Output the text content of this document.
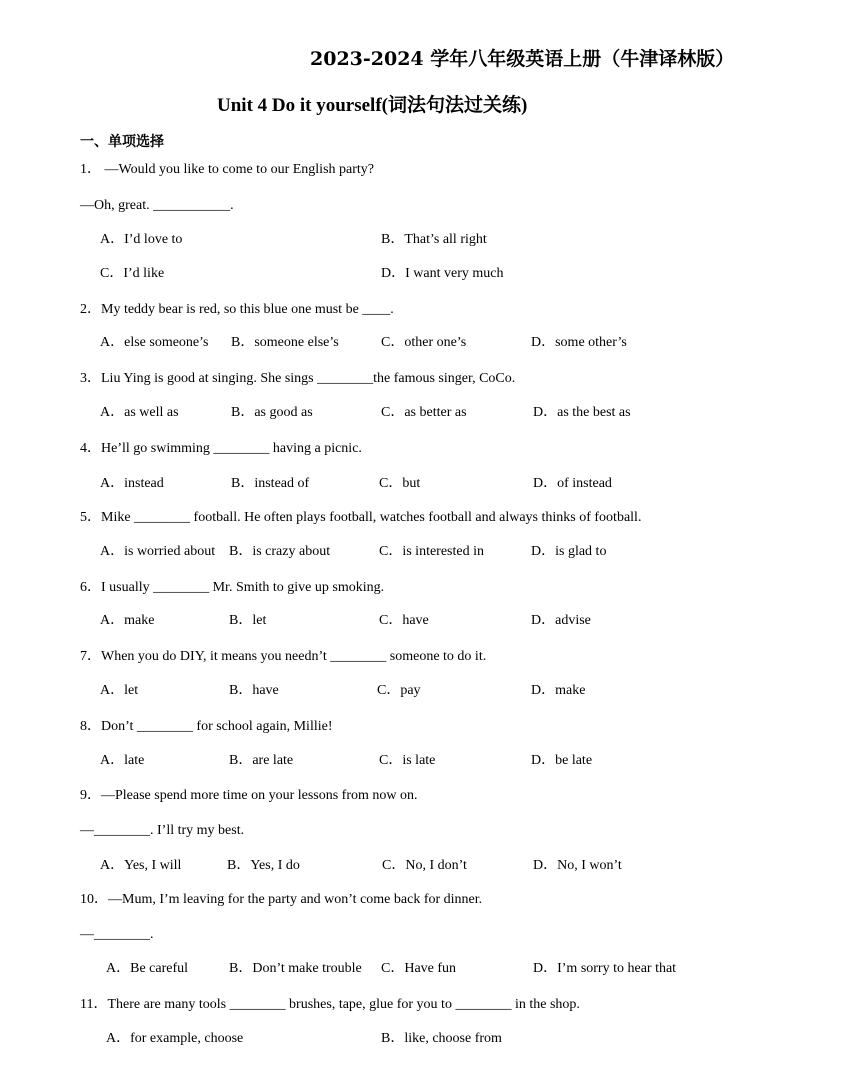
2023-2024 学年八年级英语上册（牛津译林版）
Unit 4 Do it yourself(词法句法过关练)
一、单项选择
1． —Would you like to come to our English party?
—Oh, great. ___________.
A．I’d love to	B．That’s all right
C．I’d like	D．I want very much
2．My teddy bear is red, so this blue one must be ____.
A．else someone’s B．someone else’s	C．other one’s	D．some other’s
3．Liu Ying is good at singing. She sings ________the famous singer, CoCo.
A．as well as	B．as good as	C．as better as	D．as the best as
4．He’ll go swimming ________ having a picnic.
A．instead	B．instead of	C．but	D．of instead
5．Mike ________ football. He often plays football, watches football and always thinks of football.
A．is worried about B．is crazy about	C．is interested in	D．is glad to
6．I usually ________ Mr. Smith to give up smoking.
A．make	B．let	C．have	D．advise
7．When you do DIY, it means you needn’t ________ someone to do it.
A．let	B．have	C．pay	D．make
8．Don’t ________ for school again, Millie!
A．late	B．are late	C．is late	D．be late
9．—Please spend more time on your lessons from now on.
—________. I’ll try my best.
A．Yes, I will	B．Yes, I do	C．No, I don’t	D．No, I won’t
10．—Mum, I’m leaving for the party and won’t come back for dinner.
—________.
A．Be careful	B．Don’t make trouble C．Have fun	D．I’m sorry to hear that
11．There are many tools ________ brushes, tape, glue for you to ________ in the shop.
A．for example, choose	B．like, choose from
